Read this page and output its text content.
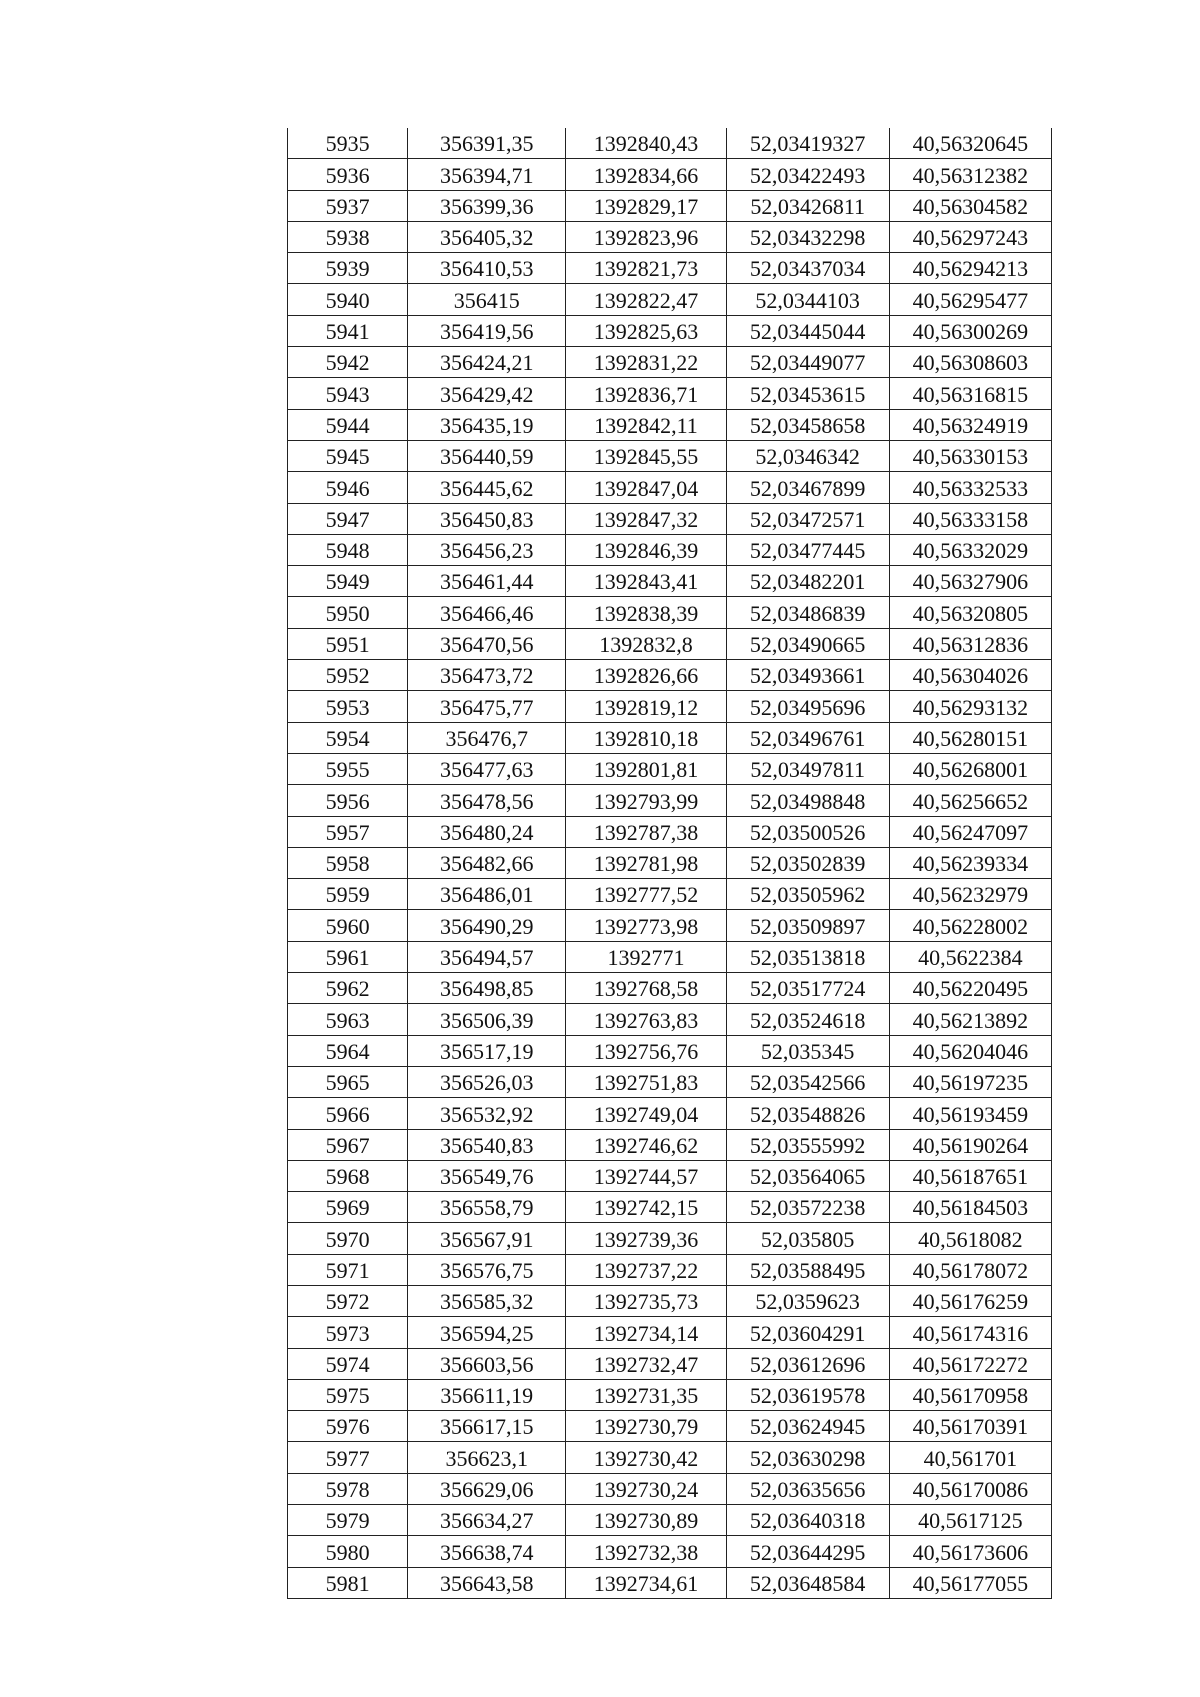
5935	356391,35	1392840,43	52,03419327	40,56320645
5936	356394,71	1392834,66	52,03422493	40,56312382
5937	356399,36	1392829,17	52,03426811	40,56304582
5938	356405,32	1392823,96	52,03432298	40,56297243
5939	356410,53	1392821,73	52,03437034	40,56294213
5940	356415	1392822,47	52,0344103	40,56295477
5941	356419,56	1392825,63	52,03445044	40,56300269
5942	356424,21	1392831,22	52,03449077	40,56308603
5943	356429,42	1392836,71	52,03453615	40,56316815
5944	356435,19	1392842,11	52,03458658	40,56324919
5945	356440,59	1392845,55	52,0346342	40,56330153
5946	356445,62	1392847,04	52,03467899	40,56332533
5947	356450,83	1392847,32	52,03472571	40,56333158
5948	356456,23	1392846,39	52,03477445	40,56332029
5949	356461,44	1392843,41	52,03482201	40,56327906
5950	356466,46	1392838,39	52,03486839	40,56320805
5951	356470,56	1392832,8	52,03490665	40,56312836
5952	356473,72	1392826,66	52,03493661	40,56304026
5953	356475,77	1392819,12	52,03495696	40,56293132
5954	356476,7	1392810,18	52,03496761	40,56280151
5955	356477,63	1392801,81	52,03497811	40,56268001
5956	356478,56	1392793,99	52,03498848	40,56256652
5957	356480,24	1392787,38	52,03500526	40,56247097
5958	356482,66	1392781,98	52,03502839	40,56239334
5959	356486,01	1392777,52	52,03505962	40,56232979
5960	356490,29	1392773,98	52,03509897	40,56228002
5961	356494,57	1392771	52,03513818	40,5622384
5962	356498,85	1392768,58	52,03517724	40,56220495
5963	356506,39	1392763,83	52,03524618	40,56213892
5964	356517,19	1392756,76	52,035345	40,56204046
5965	356526,03	1392751,83	52,03542566	40,56197235
5966	356532,92	1392749,04	52,03548826	40,56193459
5967	356540,83	1392746,62	52,03555992	40,56190264
5968	356549,76	1392744,57	52,03564065	40,56187651
5969	356558,79	1392742,15	52,03572238	40,56184503
5970	356567,91	1392739,36	52,035805	40,5618082
5971	356576,75	1392737,22	52,03588495	40,56178072
5972	356585,32	1392735,73	52,0359623	40,56176259
5973	356594,25	1392734,14	52,03604291	40,56174316
5974	356603,56	1392732,47	52,03612696	40,56172272
5975	356611,19	1392731,35	52,03619578	40,56170958
5976	356617,15	1392730,79	52,03624945	40,56170391
5977	356623,1	1392730,42	52,03630298	40,561701
5978	356629,06	1392730,24	52,03635656	40,56170086
5979	356634,27	1392730,89	52,03640318	40,5617125
5980	356638,74	1392732,38	52,03644295	40,56173606
5981	356643,58	1392734,61	52,03648584	40,56177055
